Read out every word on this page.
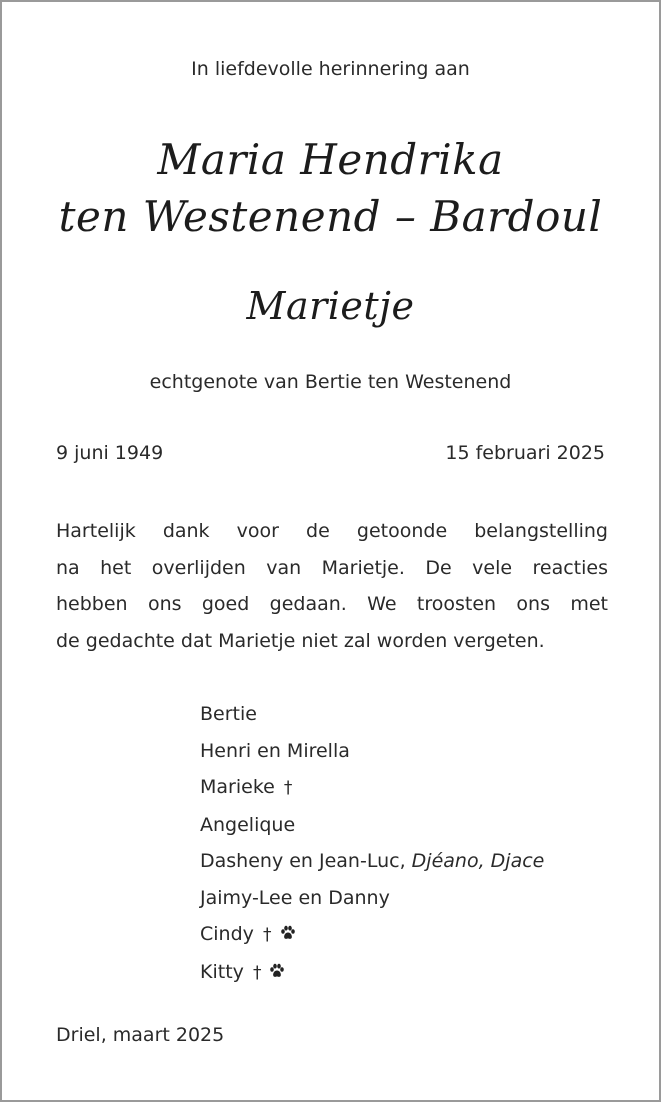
In liefdevolle herinnering aan
Maria Hendrika
ten Westenend – Bardoul
Marietje
echtgenote van Bertie ten Westenend
9 juni 1949	15 februari 2025
Hartelijk dank voor de getoonde belangstelling
na het overlijden van Marietje. De vele reacties
hebben ons goed gedaan. We troosten ons met
de gedachte dat Marietje niet zal worden vergeten.
Bertie
Henri en Mirella
Marieke †
Angelique
Dasheny en Jean-Luc, Djéano, Djace
Jaimy-Lee en Danny
Cindy †
Kitty †
Driel, maart 2025
